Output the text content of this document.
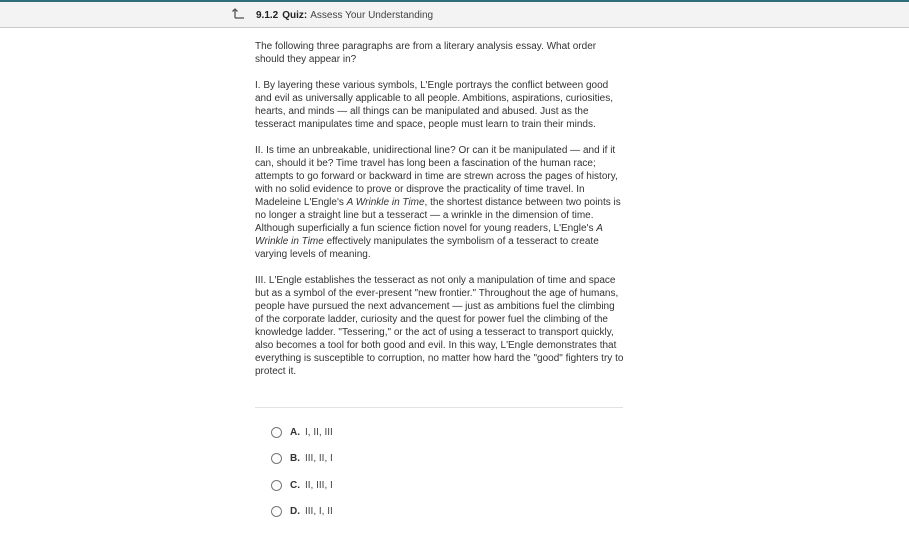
9.1.2 Quiz: Assess Your Understanding

The following three paragraphs are from a literary analysis essay. What order should they appear in?

I. By layering these various symbols, L'Engle portrays the conflict between good and evil as universally applicable to all people. Ambitions, aspirations, curiosities, hearts, and minds — all things can be manipulated and abused. Just as the tesseract manipulates time and space, people must learn to train their minds.

II. Is time an unbreakable, unidirectional line? Or can it be manipulated — and if it can, should it be? Time travel has long been a fascination of the human race; attempts to go forward or backward in time are strewn across the pages of history, with no solid evidence to prove or disprove the practicality of time travel. In Madeleine L'Engle's A Wrinkle in Time, the shortest distance between two points is no longer a straight line but a tesseract — a wrinkle in the dimension of time. Although superficially a fun science fiction novel for young readers, L'Engle's A Wrinkle in Time effectively manipulates the symbolism of a tesseract to create varying levels of meaning.

III. L'Engle establishes the tesseract as not only a manipulation of time and space but as a symbol of the ever-present "new frontier." Throughout the age of humans, people have pursued the next advancement — just as ambitions fuel the climbing of the corporate ladder, curiosity and the quest for power fuel the climbing of the knowledge ladder. "Tessering," or the act of using a tesseract to transport quickly, also becomes a tool for both good and evil. In this way, L'Engle demonstrates that everything is susceptible to corruption, no matter how hard the "good" fighters try to protect it.

A. I, II, III
B. III, II, I
C. II, III, I
D. III, I, II
